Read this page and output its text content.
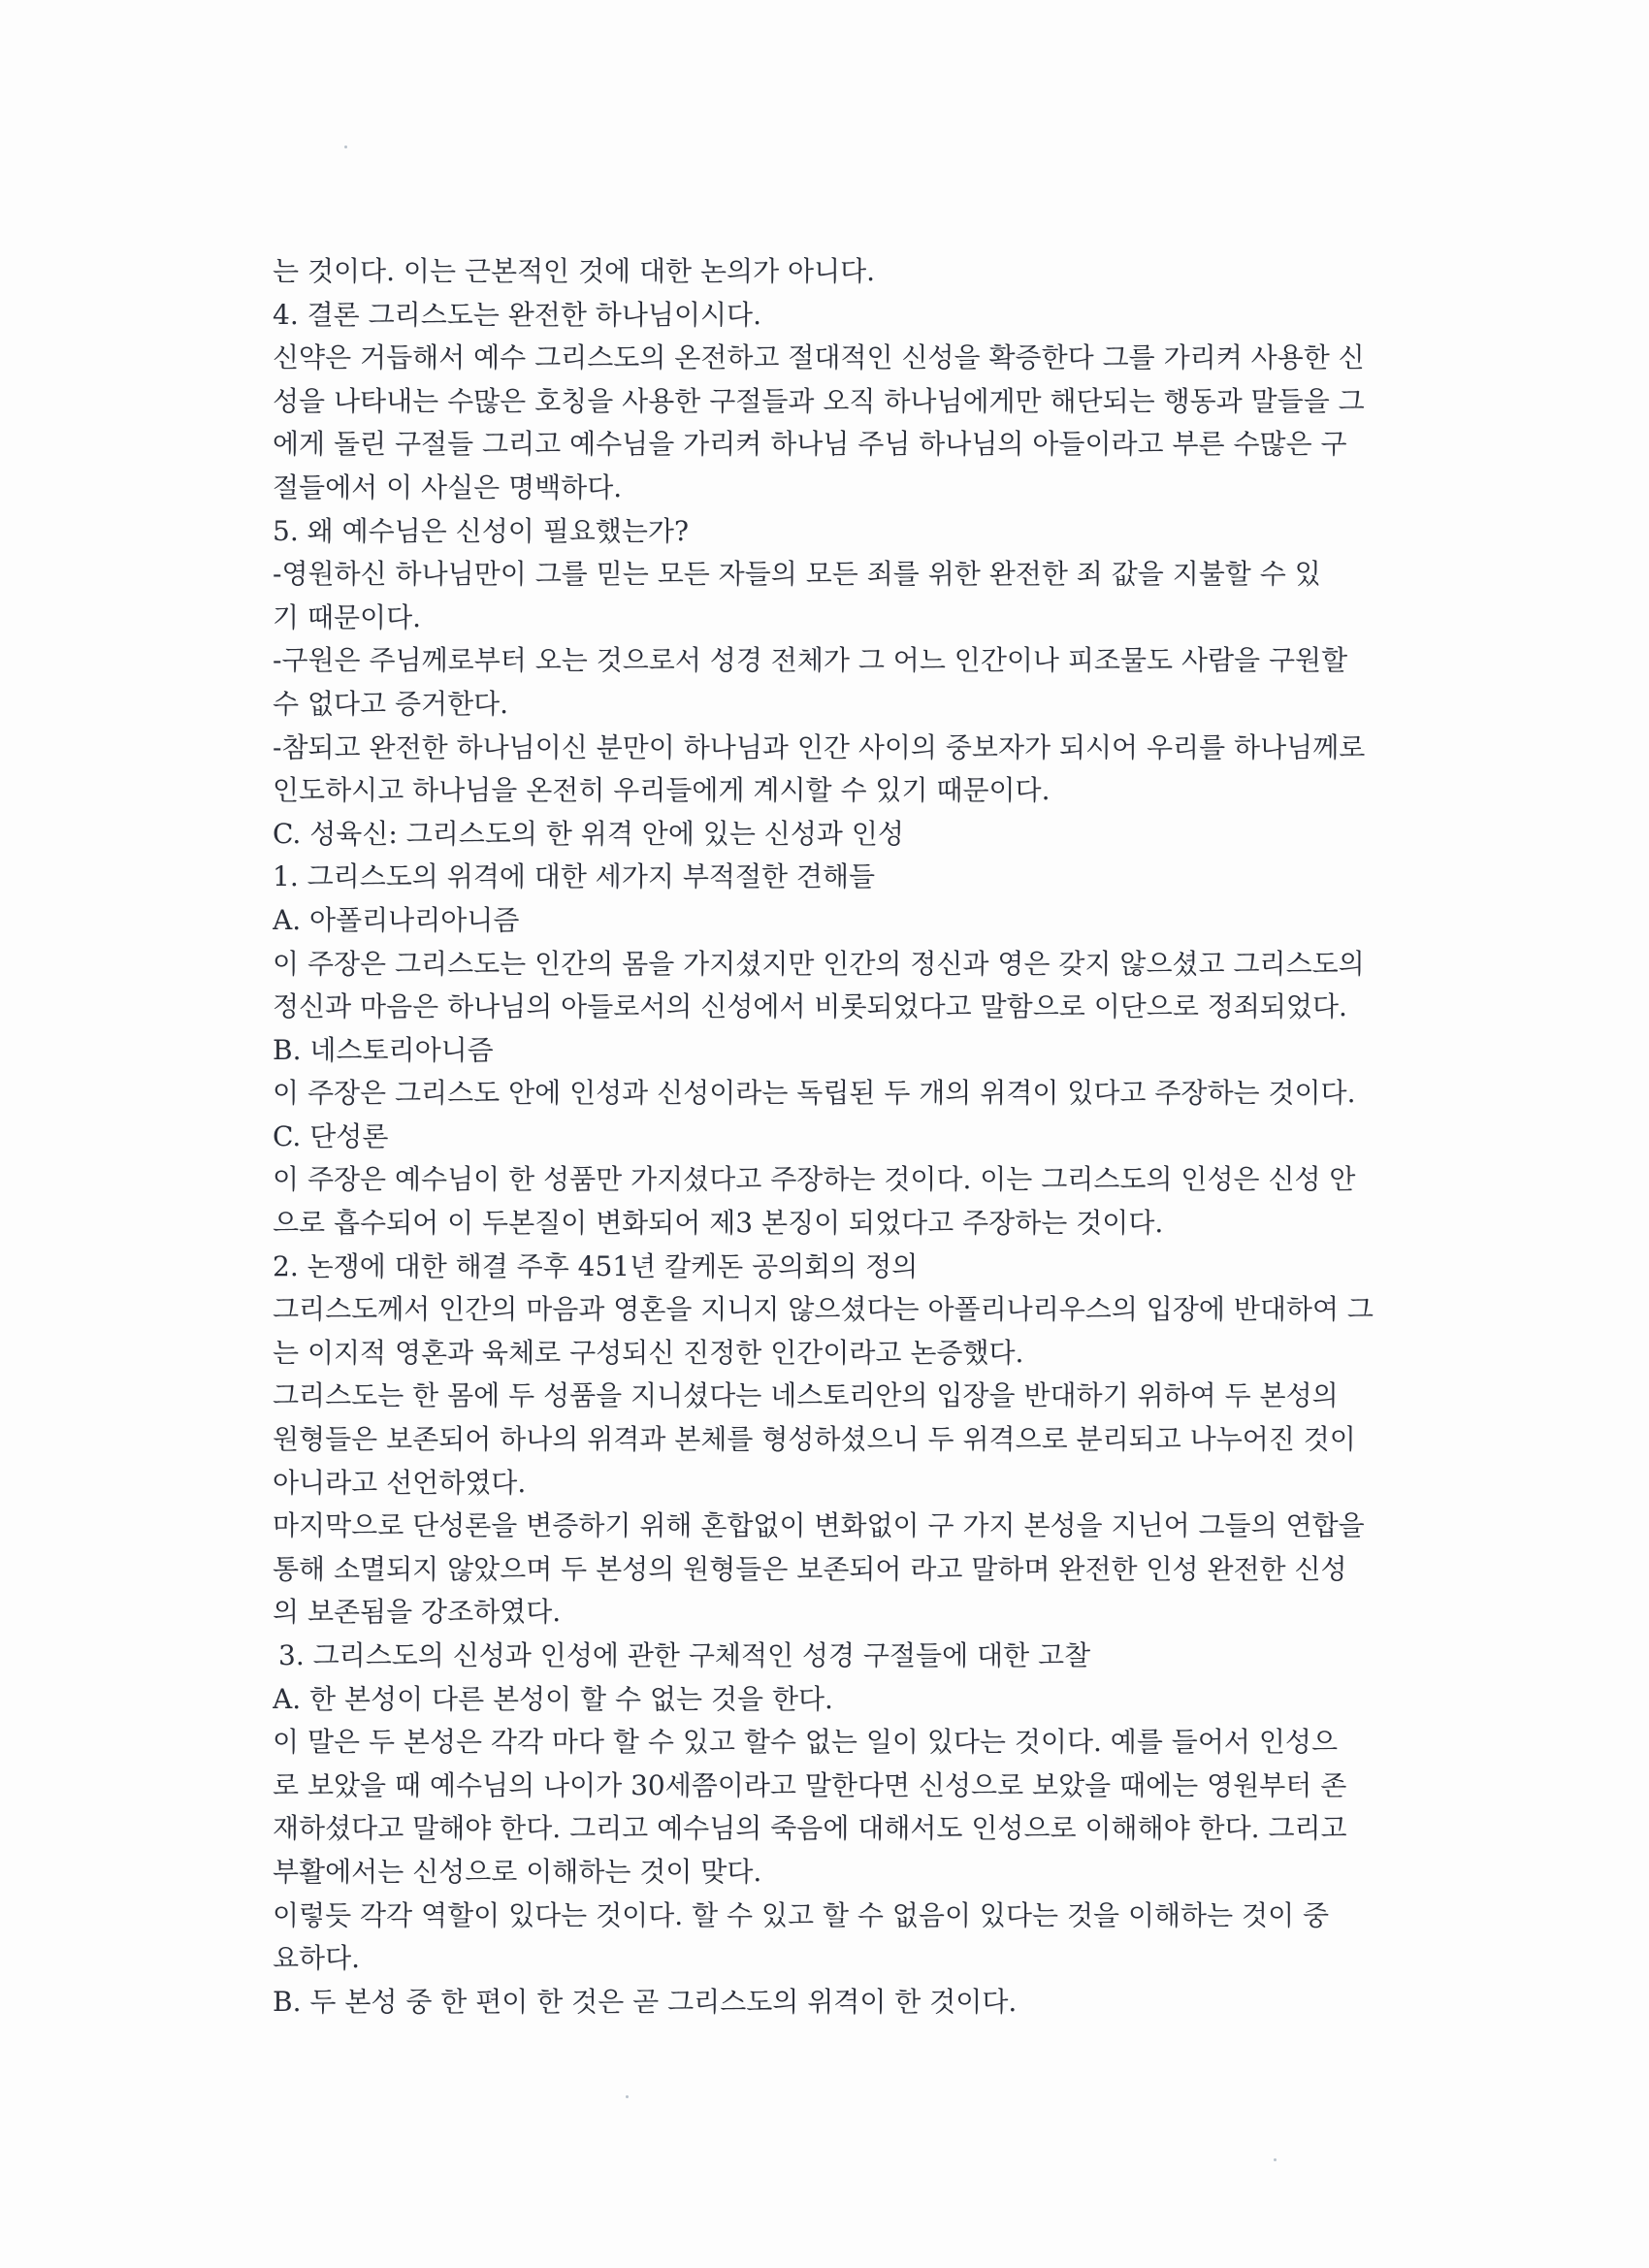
는 것이다. 이는 근본적인 것에 대한 논의가 아니다.
4. 결론 그리스도는 완전한 하나님이시다.
신약은 거듭해서 예수 그리스도의 온전하고 절대적인 신성을 확증한다 그를 가리켜 사용한 신
성을 나타내는 수많은 호칭을 사용한 구절들과 오직 하나님에게만 해단되는 행동과 말들을 그
에게 돌린 구절들 그리고 예수님을 가리켜 하나님 주님 하나님의 아들이라고 부른 수많은 구
절들에서 이 사실은 명백하다.
5. 왜 예수님은 신성이 필요했는가?
-영원하신 하나님만이 그를 믿는 모든 자들의 모든 죄를 위한 완전한 죄 값을 지불할 수 있
기 때문이다.
-구원은 주님께로부터 오는 것으로서 성경 전체가 그 어느 인간이나 피조물도 사람을 구원할
수 없다고 증거한다.
-참되고 완전한 하나님이신 분만이 하나님과 인간 사이의 중보자가 되시어 우리를 하나님께로
인도하시고 하나님을 온전히 우리들에게 계시할 수 있기 때문이다.
C. 성육신: 그리스도의 한 위격 안에 있는 신성과 인성
1. 그리스도의 위격에 대한 세가지 부적절한 견해들
A. 아폴리나리아니즘
이 주장은 그리스도는 인간의 몸을 가지셨지만 인간의 정신과 영은 갖지 않으셨고 그리스도의
정신과 마음은 하나님의 아들로서의 신성에서 비롯되었다고 말함으로 이단으로 정죄되었다.
B. 네스토리아니즘
이 주장은 그리스도 안에 인성과 신성이라는 독립된 두 개의 위격이 있다고 주장하는 것이다.
C. 단성론
이 주장은 예수님이 한 성품만 가지셨다고 주장하는 것이다. 이는 그리스도의 인성은 신성 안
으로 흡수되어 이 두본질이 변화되어 제3 본징이 되었다고 주장하는 것이다.
2. 논쟁에 대한 해결 주후 451년 칼케돈 공의회의 정의
그리스도께서 인간의 마음과 영혼을 지니지 않으셨다는 아폴리나리우스의 입장에 반대하여 그
는 이지적 영혼과 육체로 구성되신 진정한 인간이라고 논증했다.
그리스도는 한 몸에 두 성품을 지니셨다는 네스토리안의 입장을 반대하기 위하여 두 본성의
원형들은 보존되어 하나의 위격과 본체를 형성하셨으니 두 위격으로 분리되고 나누어진 것이
아니라고 선언하였다.
마지막으로 단성론을 변증하기 위해 혼합없이 변화없이 구 가지 본성을 지닌어 그들의 연합을
통해 소멸되지 않았으며 두 본성의 원형들은 보존되어 라고 말하며 완전한 인성 완전한 신성
의 보존됨을 강조하였다.
3. 그리스도의 신성과 인성에 관한 구체적인 성경 구절들에 대한 고찰
A. 한 본성이 다른 본성이 할 수 없는 것을 한다.
이 말은 두 본성은 각각 마다 할 수 있고 할수 없는 일이 있다는 것이다. 예를 들어서 인성으
로 보았을 때 예수님의 나이가 30세쯤이라고 말한다면 신성으로 보았을 때에는 영원부터 존
재하셨다고 말해야 한다. 그리고 예수님의 죽음에 대해서도 인성으로 이해해야 한다. 그리고
부활에서는 신성으로 이해하는 것이 맞다.
이렇듯 각각 역할이 있다는 것이다. 할 수 있고 할 수 없음이 있다는 것을 이해하는 것이 중
요하다.
B. 두 본성 중 한 편이 한 것은 곧 그리스도의 위격이 한 것이다.
